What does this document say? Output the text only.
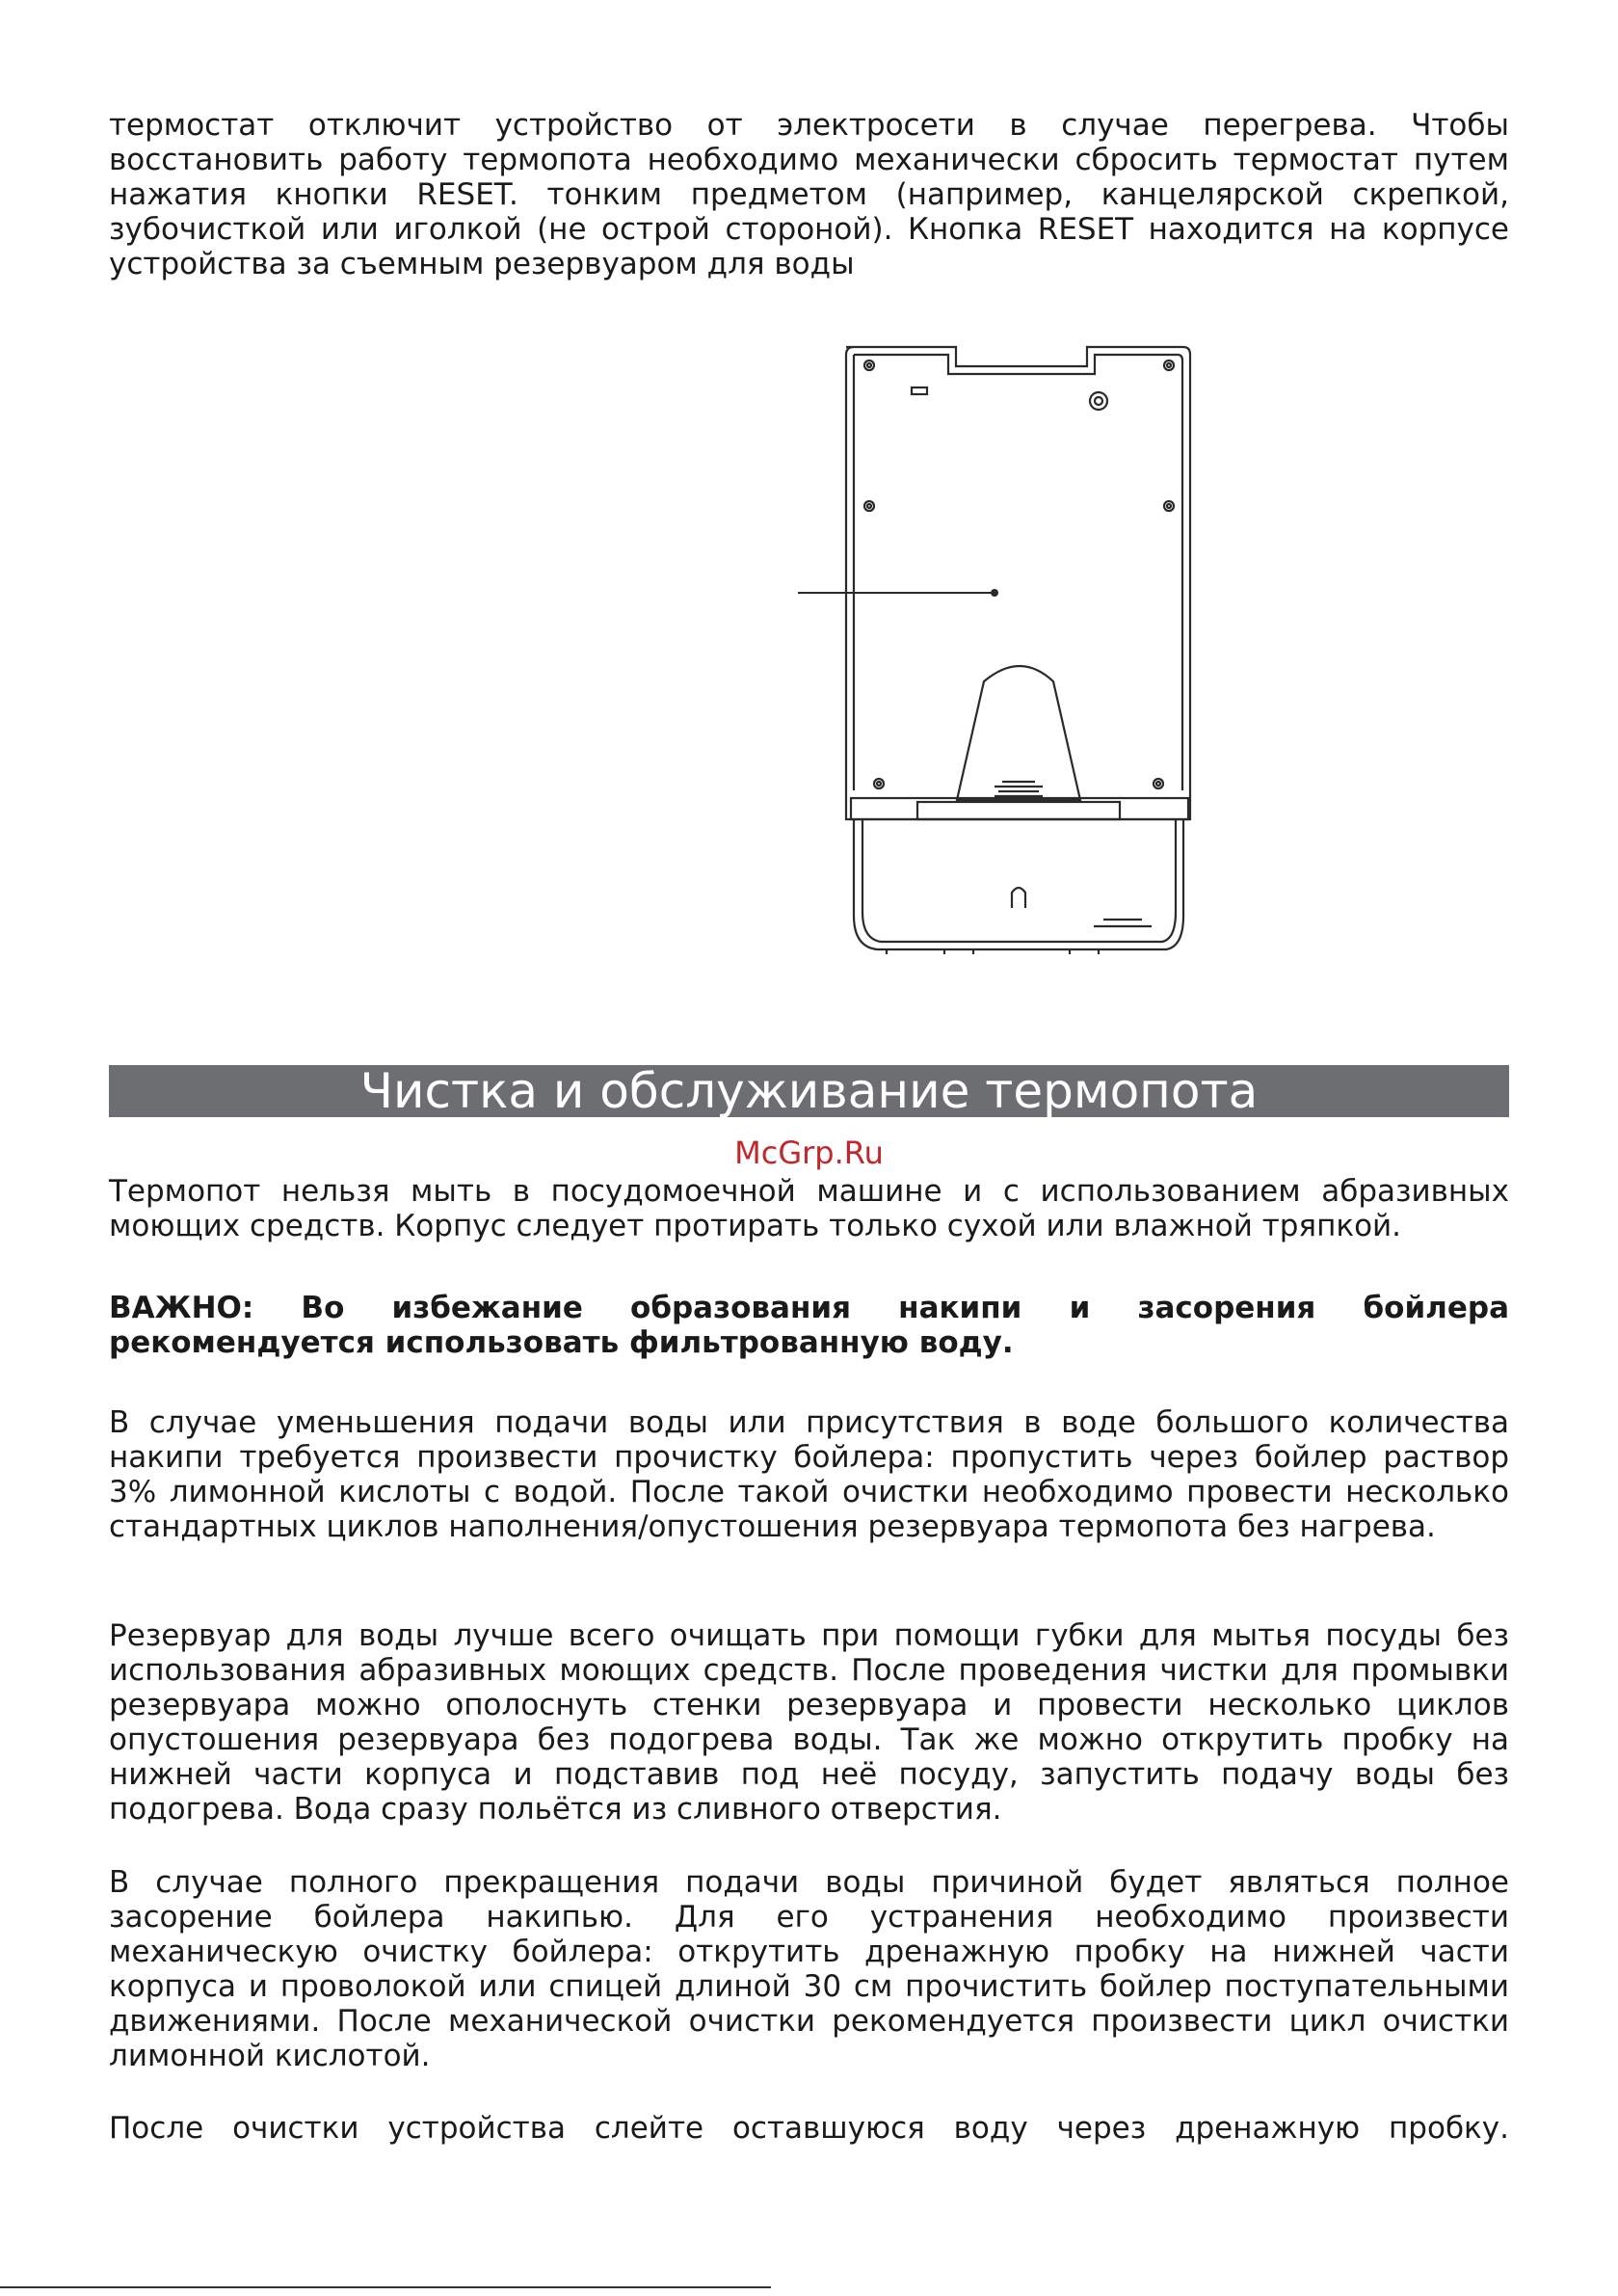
термостат отключит устройство от электросети в случае перегрева. Чтобы восстановить работу термопота необходимо механически сбросить термостат путем нажатия кнопки RESET. тонким предметом (например, канцелярской скрепкой, зубочисткой или иголкой (не острой стороной). Кнопка RESET находится на корпусе устройства за съемным резервуаром для воды

Чистка и обслуживание термопота
McGrp.Ru

Термопот нельзя мыть в посудомоечной машине и с использованием абразивных моющих средств. Корпус следует протирать только сухой или влажной тряпкой.

ВАЖНО: Во избежание образования накипи и засорения бойлера рекомендуется использовать фильтрованную воду.

В случае уменьшения подачи воды или присутствия в воде большого количества накипи требуется произвести прочистку бойлера: пропустить через бойлер раствор 3% лимонной кислоты с водой. После такой очистки необходимо провести несколько стандартных циклов наполнения/опустошения резервуара термопота без нагрева.

Резервуар для воды лучше всего очищать при помощи губки для мытья посуды без использования абразивных моющих средств. После проведения чистки для промывки резервуара можно ополоснуть стенки резервуара и провести несколько циклов опустошения резервуара без подогрева воды. Так же можно открутить пробку на нижней части корпуса и подставив под неё посуду, запустить подачу воды без подогрева. Вода сразу польётся из сливного отверстия.

В случае полного прекращения подачи воды причиной будет являться полное засорение бойлера накипью. Для его устранения необходимо произвести механическую очистку бойлера: открутить дренажную пробку на нижней части корпуса и проволокой или спицей длиной 30 см прочистить бойлер поступательными движениями. После механической очистки рекомендуется произвести цикл очистки лимонной кислотой.

После очистки устройства слейте оставшуюся воду через дренажную пробку.
